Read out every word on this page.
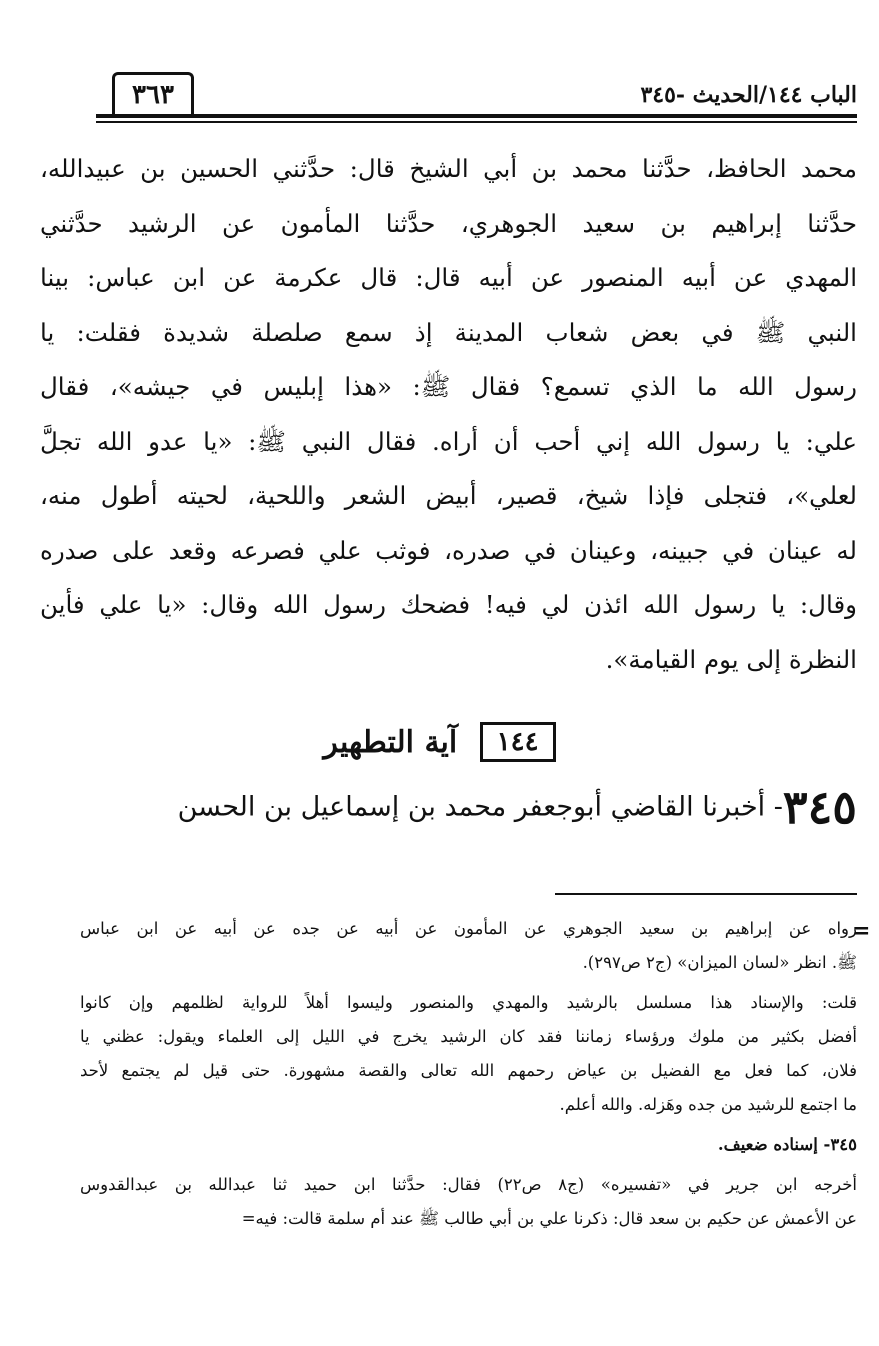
الباب ١٤٤/الحديث -٣٤٥
٣٦٣
محمد الحافظ، حدَّثنا محمد بن أبي الشيخ قال: حدَّثني الحسين بن عبيدالله،
حدَّثنا إبراهيم بن سعيد الجوهري، حدَّثنا المأمون عن الرشيد حدَّثني
المهدي عن أبيه المنصور عن أبيه قال: قال عكرمة عن ابن عباس: بينا
النبي ﷺ في بعض شعاب المدينة إذ سمع صلصلة شديدة فقلت: يا
رسول الله ما الذي تسمع؟ فقال ﷺ: «هذا إبليس في جيشه»، فقال
علي: يا رسول الله إني أحب أن أراه. فقال النبي ﷺ: «يا عدو الله تجلَّ
لعلي»، فتجلى فإذا شيخ، قصير، أبيض الشعر واللحية، لحيته أطول منه،
له عينان في جبينه، وعينان في صدره، فوثب علي فصرعه وقعد على صدره
وقال: يا رسول الله ائذن لي فيه! فضحك رسول الله وقال: «يا علي فأين
النظرة إلى يوم القيامة».
١٤٤ آية التطهير
٣٤٥- أخبرنا القاضي أبوجعفر محمد بن إسماعيل بن الحسن
=
رواه عن إبراهيم بن سعيد الجوهري عن المأمون عن أبيه عن جده عن أبيه عن ابن عباس
ﷺ. انظر «لسان الميزان» (ج٢ ص٢٩٧).
قلت: والإسناد هذا مسلسل بالرشيد والمهدي والمنصور وليسوا أهلاً للرواية لظلمهم وإن كانوا
أفضل بكثير من ملوك ورؤساء زماننا فقد كان الرشيد يخرج في الليل إلى العلماء ويقول: عظني يا
فلان، كما فعل مع الفضيل بن عياض رحمهم الله تعالى والقصة مشهورة. حتى قيل لم يجتمع لأحد
ما اجتمع للرشيد من جده وهَزله. والله أعلم.
٣٤٥- إسناده ضعيف.
أخرجه ابن جرير في «تفسيره» (ج٨ ص٢٢) فقال: حدَّثنا ابن حميد ثنا عبدالله بن عبدالقدوس
عن الأعمش عن حكيم بن سعد قال: ذكرنا علي بن أبي طالب ﷺ عند أم سلمة قالت: فيه=
